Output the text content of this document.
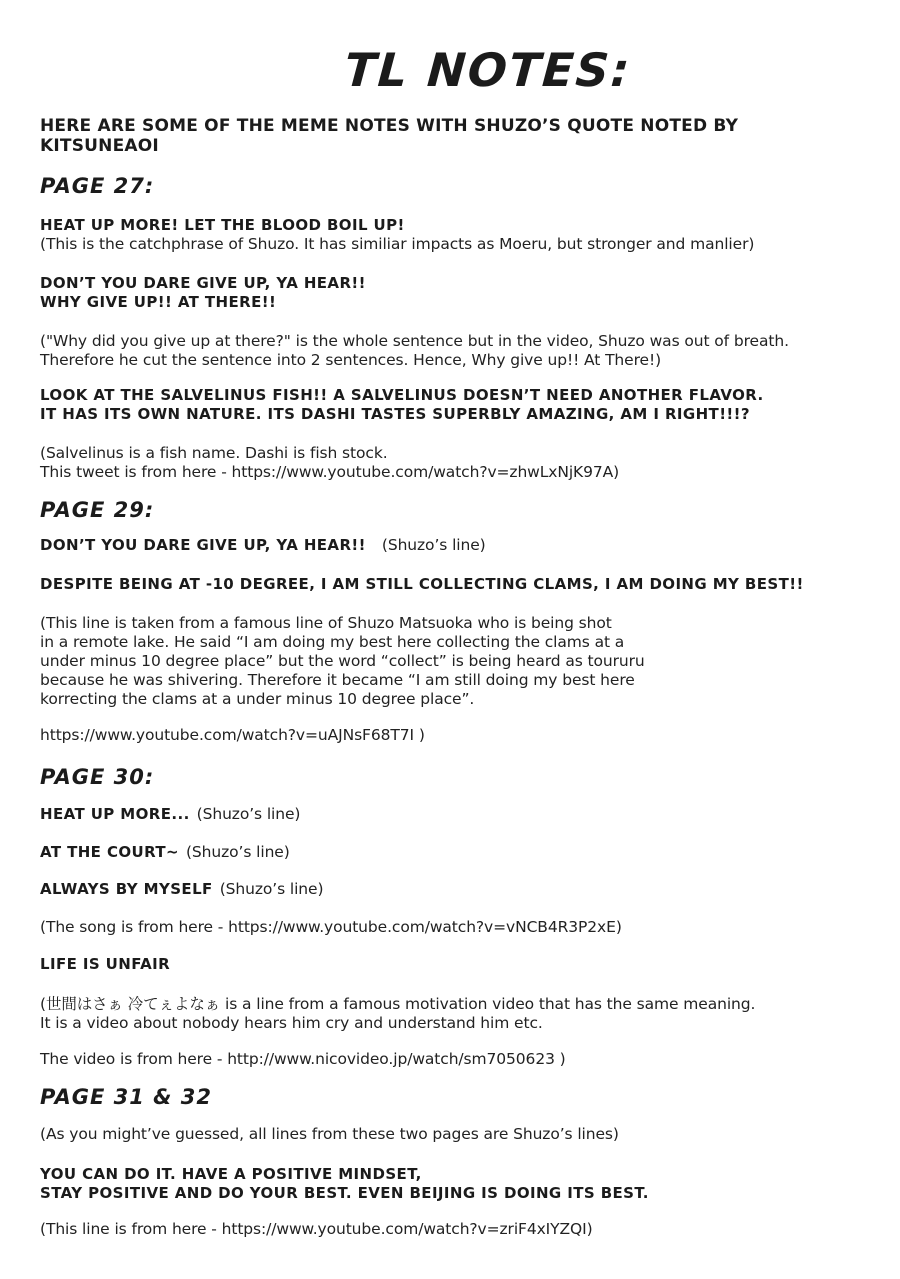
TL NOTES:
HERE ARE SOME OF THE MEME NOTES WITH SHUZO’S QUOTE NOTED BY KITSUNEAOI
PAGE 27:
HEAT UP MORE! LET THE BLOOD BOIL UP!
(This is the catchphrase of Shuzo. It has similiar impacts as Moeru, but stronger and manlier)
DON’T YOU DARE GIVE UP, YA HEAR!!
WHY GIVE UP!! AT THERE!!
("Why did you give up at there?" is the whole sentence but in the video, Shuzo was out of breath.
Therefore he cut the sentence into 2 sentences. Hence, Why give up!! At There!)
LOOK AT THE SALVELINUS FISH!! A SALVELINUS DOESN’T NEED ANOTHER FLAVOR.
IT HAS ITS OWN NATURE. ITS DASHI TASTES SUPERBLY AMAZING, AM I RIGHT!!!?
(Salvelinus is a fish name. Dashi is fish stock.
This tweet is from here - https://www.youtube.com/watch?v=zhwLxNjK97A)
PAGE 29:
DON’T YOU DARE GIVE UP, YA HEAR!! (Shuzo’s line)
DESPITE BEING AT -10 DEGREE, I AM STILL COLLECTING CLAMS, I AM DOING MY BEST!!
(This line is taken from a famous line of Shuzo Matsuoka who is being shot
in a remote lake. He said “I am doing my best here collecting the clams at a
under minus 10 degree place” but the word “collect” is being heard as toururu
because he was shivering. Therefore it became “I am still doing my best here
korrecting the clams at a under minus 10 degree place”.
https://www.youtube.com/watch?v=uAJNsF68T7I )
PAGE 30:
HEAT UP MORE... (Shuzo’s line)
AT THE COURT~ (Shuzo’s line)
ALWAYS BY MYSELF (Shuzo’s line)
(The song is from here - https://www.youtube.com/watch?v=vNCB4R3P2xE)
LIFE IS UNFAIR
(世間はさぁ 冷てぇよなぁ is a line from a famous motivation video that has the same meaning.
It is a video about nobody hears him cry and understand him etc.
The video is from here - http://www.nicovideo.jp/watch/sm7050623 )
PAGE 31 & 32
(As you might’ve guessed, all lines from these two pages are Shuzo’s lines)
YOU CAN DO IT. HAVE A POSITIVE MINDSET,
STAY POSITIVE AND DO YOUR BEST. EVEN BEIJING IS DOING ITS BEST.
(This line is from here - https://www.youtube.com/watch?v=zriF4xIYZQI)
